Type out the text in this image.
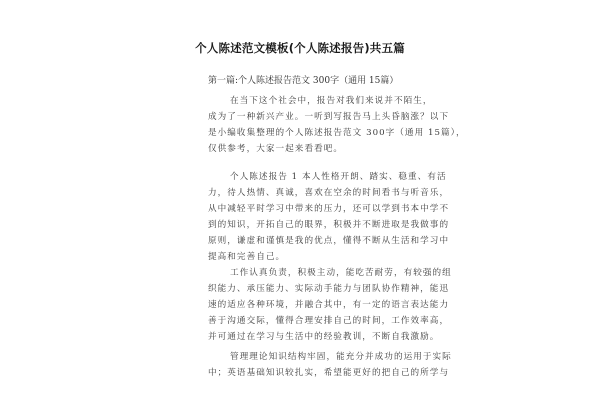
个人陈述范文模板(个人陈述报告)共五篇
第一篇:个人陈述报告范文 300字（通用 15篇）
在当下这个社会中，报告对我们来说并不陌生，
成为了一种新兴产业。一听到写报告马上头昏脑涨？以下
是小编收集整理的个人陈述报告范文 300字（通用 15篇），
仅供参考，大家一起来看看吧。
个人陈述报告 1 本人性格开朗、踏实、稳重、有活
力，待人热情、真诚，喜欢在空余的时间看书与听音乐，
从中减轻平时学习中带来的压力，还可以学到书本中学不
到的知识，开拓自己的眼界，积极并不断进取是我做事的
原则，谦虚和谨慎是我的优点，懂得不断从生活和学习中
提高和完善自己。
工作认真负责，积极主动，能吃苦耐劳，有较强的组
织能力、承压能力、实际动手能力与团队协作精神，能迅
速的适应各种环境，并融合其中，有一定的语言表达能力
善于沟通交际，懂得合理安排自己的时间，工作效率高，
并可通过在学习与生活中的经验教训，不断自我激励。
管理理论知识结构牢固，能充分并成功的运用于实际
中；英语基础知识较扎实，希望能更好的把自己的所学与
